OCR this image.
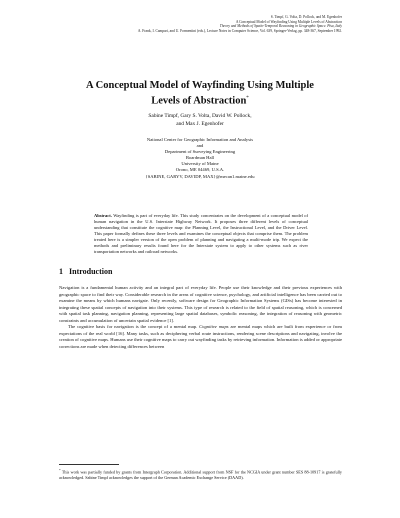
S. Timpf, G. Volta, D. Pollock, and M. Egenhofer
A Conceptual Model of Wayfinding Using Multiple Levels of Abstraction
Theory and Methods of Spatio-Temporal Reasoning in Geographic Space. Pisa, Italy
A. Frank, I. Campari, and U. Formentini (eds.), Lecture Notes in Computer Science, Vol. 639, Springer-Verlag, pp. 348-367, September 1992.
A Conceptual Model of Wayfinding Using Multiple
Levels of Abstraction*
Sabine Timpf, Gary S. Volta, David W. Pollock,
and Max J. Egenhofer
National Center for Geographic Information and Analysis
and
Department of Surveying Engineering
Boardman Hall
University of Maine
Orono, ME 04469, U.S.A.
{SABINE, GARYV, DAVIDP, MAX}@mecan1.maine.edu
Abstract. Wayfinding is part of everyday life. This study concentrates on the development of a conceptual model of human navigation in the U.S. Interstate Highway Network. It proposes three different levels of conceptual understanding that constitute the cognitive map: the Planning Level, the Instructional Level, and the Driver Level. This paper formally defines these three levels and examines the conceptual objects that comprise them. The problem treated here is a simpler version of the open problem of planning and navigating a multi-mode trip. We expect the methods and preliminary results found here for the Interstate system to apply to other systems such as river transportation networks and railroad networks.
1 Introduction

Navigation is a fundamental human activity and an integral part of everyday life. People use their knowledge and their previous experiences with geographic space to find their way. Considerable research in the areas of cognitive science, psychology, and artificial intelligence has been carried out to examine the means by which humans navigate. Only recently, software design for Geographic Information Systems (GISs) has become interested in integrating these spatial concepts of navigation into their systems. This type of research is related to the field of spatial reasoning, which is concerned with spatial task planning, navigation planning, representing large spatial databases, symbolic reasoning, the integration of reasoning with geometric constraints and accumulation of uncertain spatial evidence [1].

The cognitive basis for navigation is the concept of a mental map. Cognitive maps are mental maps which are built from experience or from expectations of the real world [16]. Many tasks, such as deciphering verbal route instructions, rendering scene descriptions and navigating, involve the creation of cognitive maps. Humans use their cognitive maps to carry out wayfinding tasks by retrieving information. Information is added or appropriate corrections are made when detecting differences between

* This work was partially funded by grants from Intergraph Corporation. Additional support from NSF for the NCGIA under grant number SES 88-10917 is gratefully acknowledged. Sabine Timpf acknowledges the support of the German Academic Exchange Service (DAAD).
